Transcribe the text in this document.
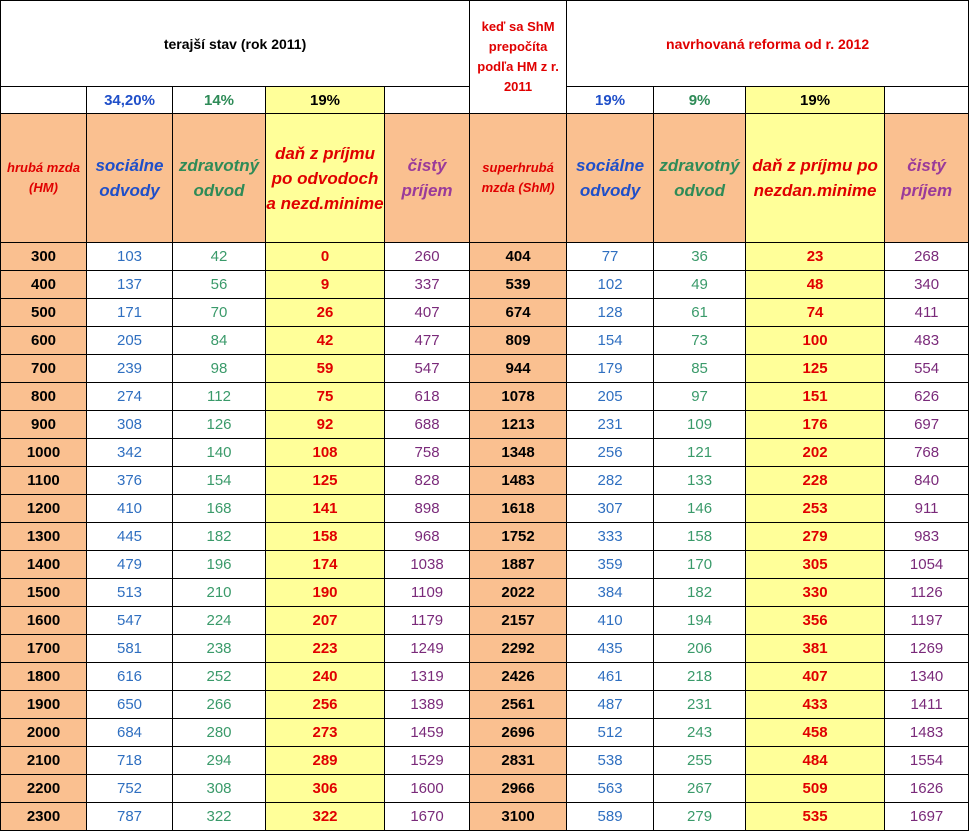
terajší stav (rok 2011)					keď sa ShM prepočíta podľa HM z r. 2011	navrhovaná reforma od r. 2012			
	34,20%	14%	19%			19%	9%	19%	
hrubá mzda (HM)	sociálne odvody	zdravotný odvod	daň z príjmu po odvodoch a nezd.minime	čistý príjem	superhrubá mzda (ShM)	sociálne odvody	zdravotný odvod	daň z príjmu po nezdan.minime	čistý príjem
300	103	42	0	260	404	77	36	23	268
400	137	56	9	337	539	102	49	48	340
500	171	70	26	407	674	128	61	74	411
600	205	84	42	477	809	154	73	100	483
700	239	98	59	547	944	179	85	125	554
800	274	112	75	618	1078	205	97	151	626
900	308	126	92	688	1213	231	109	176	697
1000	342	140	108	758	1348	256	121	202	768
1100	376	154	125	828	1483	282	133	228	840
1200	410	168	141	898	1618	307	146	253	911
1300	445	182	158	968	1752	333	158	279	983
1400	479	196	174	1038	1887	359	170	305	1054
1500	513	210	190	1109	2022	384	182	330	1126
1600	547	224	207	1179	2157	410	194	356	1197
1700	581	238	223	1249	2292	435	206	381	1269
1800	616	252	240	1319	2426	461	218	407	1340
1900	650	266	256	1389	2561	487	231	433	1411
2000	684	280	273	1459	2696	512	243	458	1483
2100	718	294	289	1529	2831	538	255	484	1554
2200	752	308	306	1600	2966	563	267	509	1626
2300	787	322	322	1670	3100	589	279	535	1697
